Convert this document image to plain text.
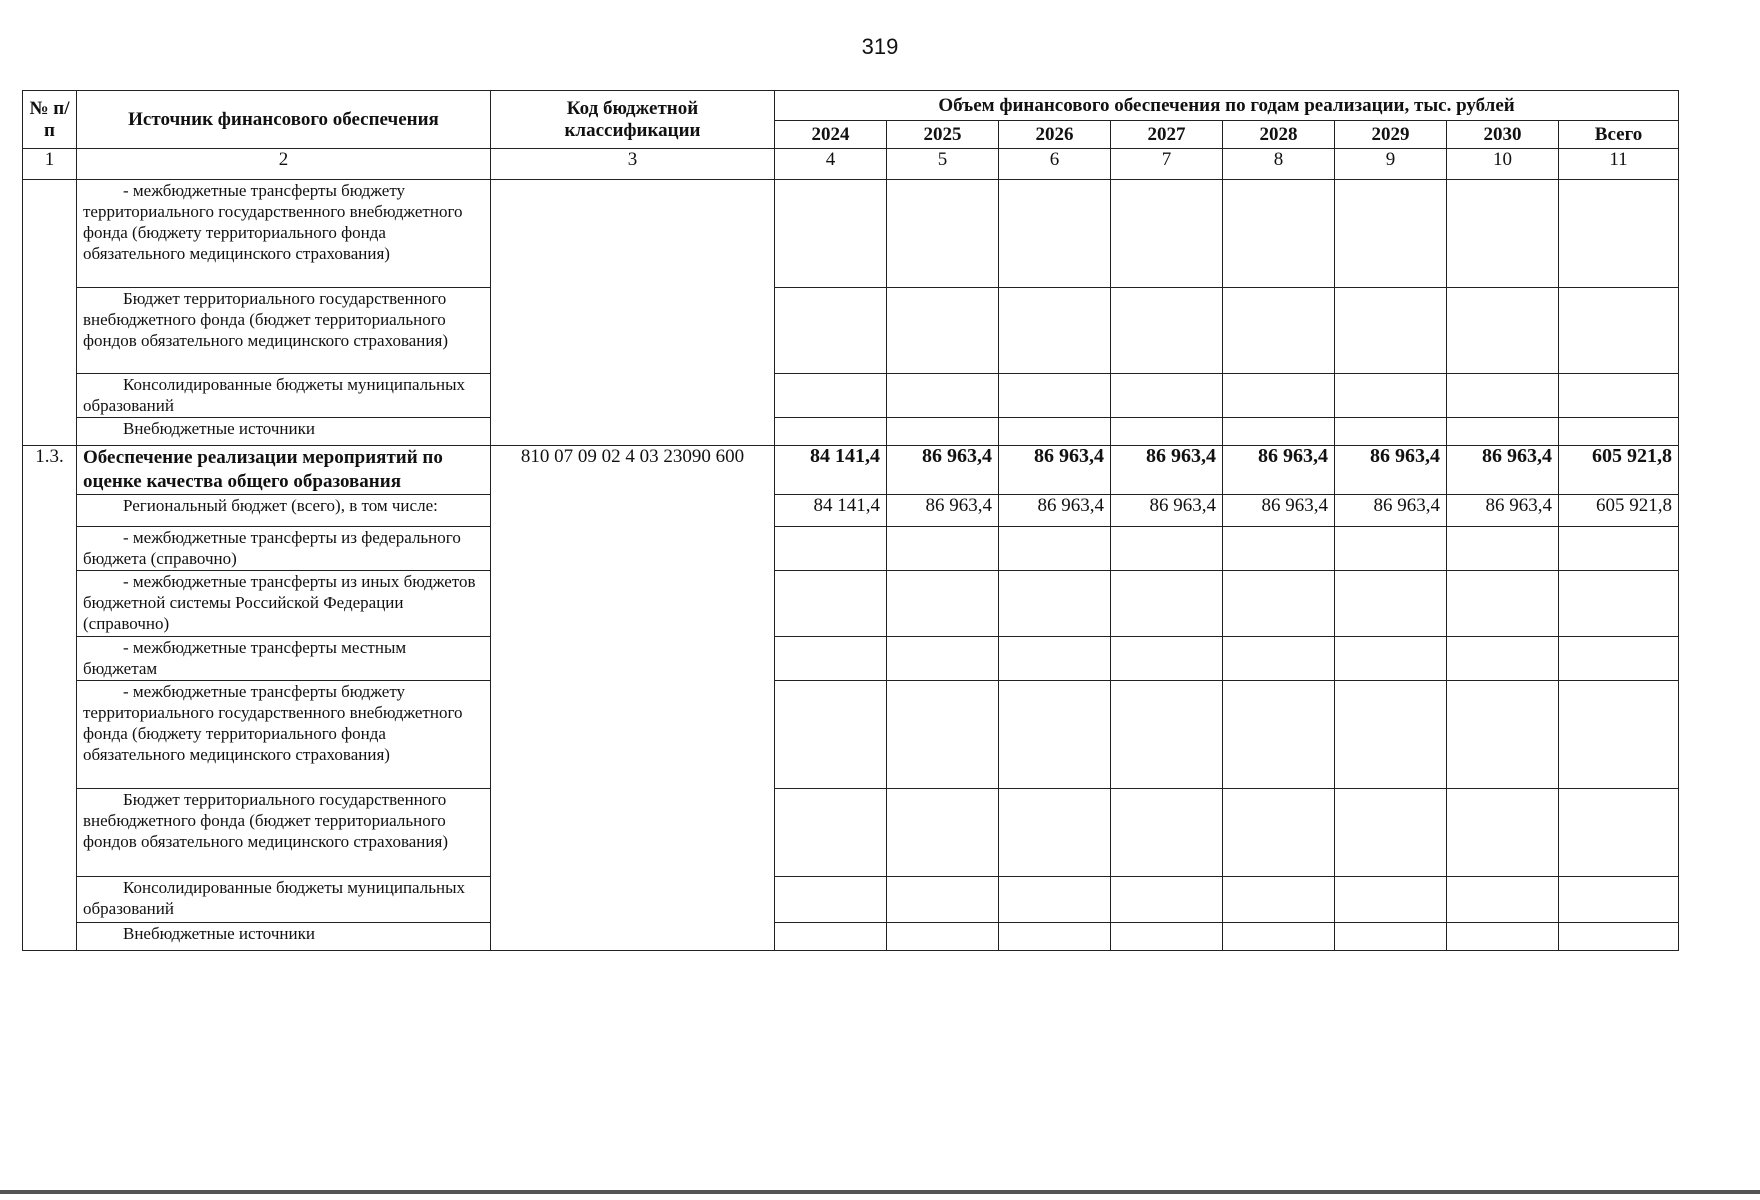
319
№ п/п	Источник финансового обеспечения	Код бюджетной классификации	Объем финансового обеспечения по годам реализации, тыс. рублей							
			2024	2025	2026	2027	2028	2029	2030	Всего
1	2	3	4	5	6	7	8	9	10	11
	- межбюджетные трансферты бюджету территориального государственного внебюджетного фонда (бюджету территориального фонда обязательного медицинского страхования)									
	Бюджет территориального государственного внебюджетного фонда (бюджет территориального фондов обязательного медицинского страхования)									
	Консолидированные бюджеты муниципальных образований									
	Внебюджетные источники									
1.3.	Обеспечение реализации мероприятий по оценке качества общего образования	810 07 09 02 4 03 23090 600	84 141,4	86 963,4	86 963,4	86 963,4	86 963,4	86 963,4	86 963,4	605 921,8
	Региональный бюджет (всего), в том числе:		84 141,4	86 963,4	86 963,4	86 963,4	86 963,4	86 963,4	86 963,4	605 921,8
	- межбюджетные трансферты из федерального бюджета (справочно)									
	- межбюджетные трансферты из иных бюджетов бюджетной системы Российской Федерации (справочно)									
	- межбюджетные трансферты местным бюджетам									
	- межбюджетные трансферты бюджету территориального государственного внебюджетного фонда (бюджету территориального фонда обязательного медицинского страхования)									
	Бюджет территориального государственного внебюджетного фонда (бюджет территориального фондов обязательного медицинского страхования)									
	Консолидированные бюджеты муниципальных образований									
	Внебюджетные источники									
